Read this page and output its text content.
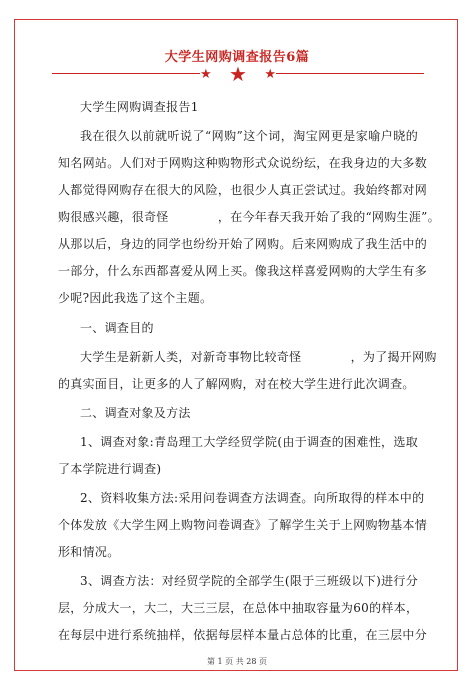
大学生网购调查报告6篇
★ ★ ★
大学生网购调查报告1
我在很久以前就听说了“网购”这个词，淘宝网更是家喻户晓的
知名网站。人们对于网购这种购物形式众说纷纭，在我身边的大多数
人都觉得网购存在很大的风险，也很少人真正尝试过。我始终都对网
购很感兴趣，很奇怪　　　　，在今年春天我开始了我的“网购生涯”。
从那以后，身边的同学也纷纷开始了网购。后来网购成了我生活中的
一部分，什么东西都喜爱从网上买。像我这样喜爱网购的大学生有多
少呢?因此我选了这个主题。
一、调查目的
大学生是新新人类，对新奇事物比较奇怪　　　　，为了揭开网购
的真实面目，让更多的人了解网购，对在校大学生进行此次调查。
二、调查对象及方法
1、调查对象:青岛理工大学经贸学院(由于调查的困难性，选取
了本学院进行调查)
2、资料收集方法:采用问卷调查方法调查。向所取得的样本中的
个体发放《大学生网上购物问卷调查》了解学生关于上网购物基本情
形和情况。
3、调查方法：对经贸学院的全部学生(限于三班级以下)进行分
层，分成大一，大二，大三三层，在总体中抽取容量为60的样本，
在每层中进行系统抽样，依据每层样本量占总体的比重，在三层中分
第 1 页 共 28 页
